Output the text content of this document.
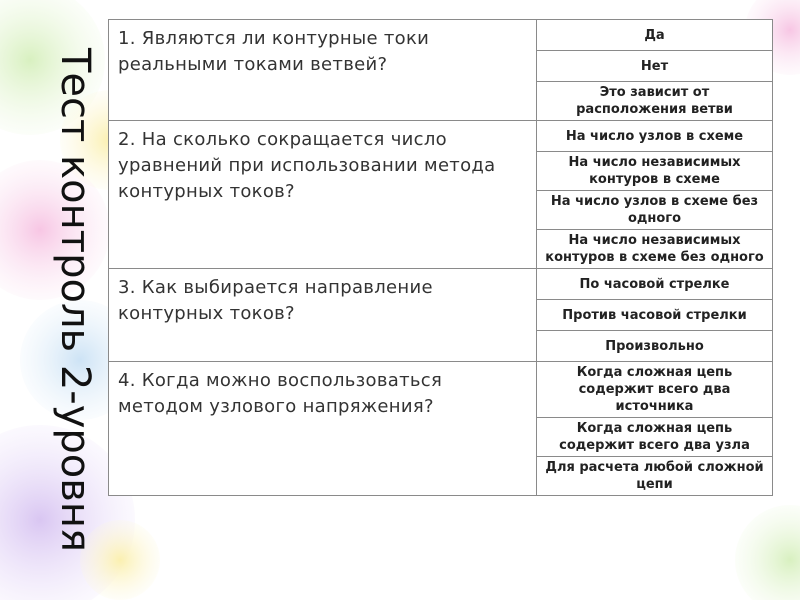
Тест контроль 2-уровня
1. Являются ли контурные токи реальными токами ветвей?	Да
	Нет
	Это зависит от расположения ветви
2. На сколько сокращается число уравнений при использовании метода контурных токов?	На число узлов в схеме
	На число независимых контуров в схеме
	На число узлов в схеме без одного
	На число независимых контуров в схеме без одного
3. Как выбирается направление контурных токов?	По часовой стрелке
	Против часовой стрелки
	Произвольно
4. Когда можно воспользоваться методом узлового напряжения?	Когда сложная цепь содержит всего два источника
	Когда сложная цепь содержит всего два узла
	Для расчета любой сложной цепи
